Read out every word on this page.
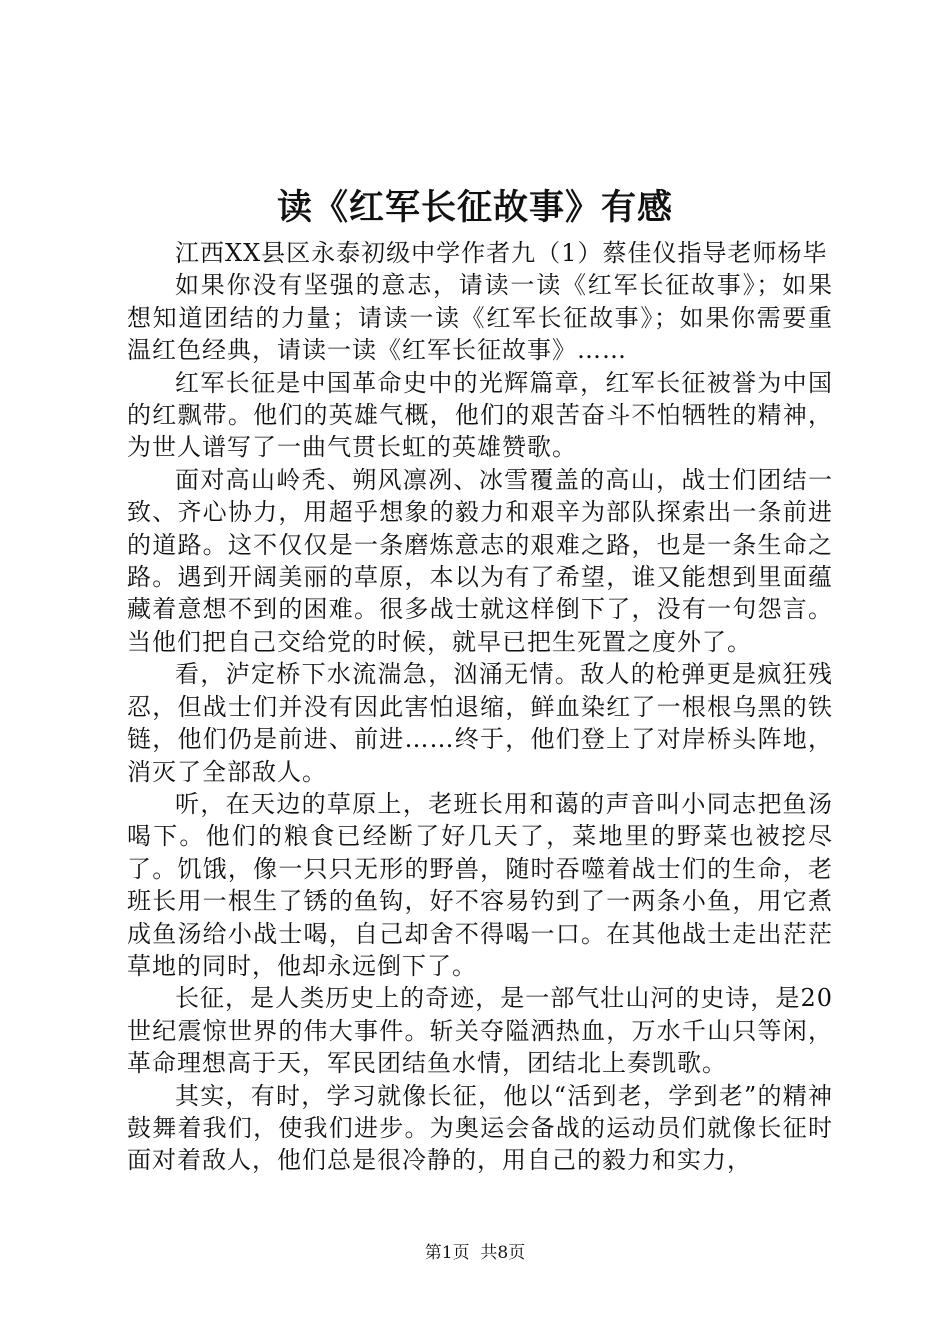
读《红军长征故事》有感

江西XX县区永泰初级中学作者九（1）蔡佳仪指导老师杨毕

如果你没有坚强的意志，请读一读《红军长征故事》；如果想知道团结的力量；请读一读《红军长征故事》；如果你需要重温红色经典，请读一读《红军长征故事》……

红军长征是中国革命史中的光辉篇章，红军长征被誉为中国的红飘带。他们的英雄气概，他们的艰苦奋斗不怕牺牲的精神，为世人谱写了一曲气贯长虹的英雄赞歌。

面对高山岭秃、朔风凛冽、冰雪覆盖的高山，战士们团结一致、齐心协力，用超乎想象的毅力和艰辛为部队探索出一条前进的道路。这不仅仅是一条磨炼意志的艰难之路，也是一条生命之路。遇到开阔美丽的草原，本以为有了希望，谁又能想到里面蕴藏着意想不到的困难。很多战士就这样倒下了，没有一句怨言。当他们把自己交给党的时候，就早已把生死置之度外了。

看，泸定桥下水流湍急，汹涌无情。敌人的枪弹更是疯狂残忍，但战士们并没有因此害怕退缩，鲜血染红了一根根乌黑的铁链，他们仍是前进、前进……终于，他们登上了对岸桥头阵地，消灭了全部敌人。

听，在天边的草原上，老班长用和蔼的声音叫小同志把鱼汤喝下。他们的粮食已经断了好几天了，菜地里的野菜也被挖尽了。饥饿，像一只只无形的野兽，随时吞噬着战士们的生命，老班长用一根生了锈的鱼钩，好不容易钓到了一两条小鱼，用它煮成鱼汤给小战士喝，自己却舍不得喝一口。在其他战士走出茫茫草地的同时，他却永远倒下了。

长征，是人类历史上的奇迹，是一部气壮山河的史诗，是20世纪震惊世界的伟大事件。斩关夺隘洒热血，万水千山只等闲，革命理想高于天，军民团结鱼水情，团结北上奏凯歌。

其实，有时，学习就像长征，他以“活到老，学到老”的精神鼓舞着我们，使我们进步。为奥运会备战的运动员们就像长征时面对着敌人，他们总是很冷静的，用自己的毅力和实力，

第1页 共8页
